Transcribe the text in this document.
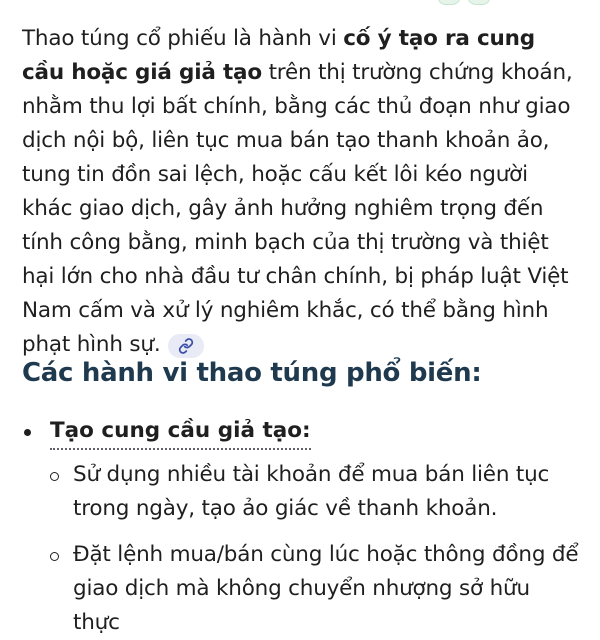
Thao túng cổ phiếu là hành vi cố ý tạo ra cung cầu hoặc giá giả tạo trên thị trường chứng khoán, nhằm thu lợi bất chính, bằng các thủ đoạn như giao dịch nội bộ, liên tục mua bán tạo thanh khoản ảo, tung tin đồn sai lệch, hoặc cấu kết lôi kéo người khác giao dịch, gây ảnh hưởng nghiêm trọng đến tính công bằng, minh bạch của thị trường và thiệt hại lớn cho nhà đầu tư chân chính, bị pháp luật Việt Nam cấm và xử lý nghiêm khắc, có thể bằng hình phạt hình sự.

Các hành vi thao túng phổ biến:
Tạo cung cầu giả tạo:
Sử dụng nhiều tài khoản để mua bán liên tục trong ngày, tạo ảo giác về thanh khoản.
Đặt lệnh mua/bán cùng lúc hoặc thông đồng để giao dịch mà không chuyển nhượng sở hữu thực
